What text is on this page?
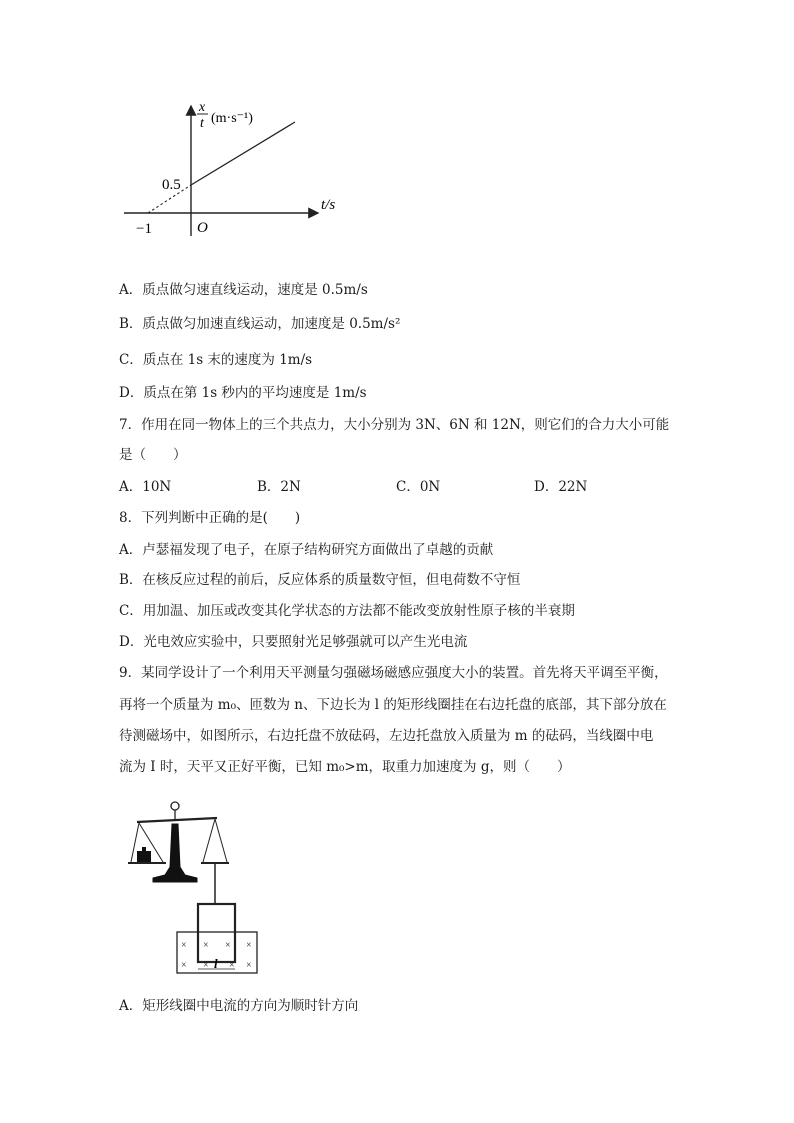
x
t (m·s⁻¹)
0.5
t/s
−1	O
A．质点做匀速直线运动，速度是 0.5m/s
B．质点做匀加速直线运动，加速度是 0.5m/s²
C．质点在 1s 末的速度为 1m/s
D．质点在第 1s 秒内的平均速度是 1m/s
7．作用在同一物体上的三个共点力，大小分别为 3N、6N 和 12N，则它们的合力大小可能
是（　　）
A．10N	B．2N	C．0N	D．22N
8．下列判断中正确的是(　　)
A．卢瑟福发现了电子，在原子结构研究方面做出了卓越的贡献
B．在核反应过程的前后，反应体系的质量数守恒，但电荷数不守恒
C．用加温、加压或改变其化学状态的方法都不能改变放射性原子核的半衰期
D．光电效应实验中，只要照射光足够强就可以产生光电流
9．某同学设计了一个利用天平测量匀强磁场磁感应强度大小的装置。首先将天平调至平衡，
再将一个质量为 m₀、匝数为 n、下边长为 l 的矩形线圈挂在右边托盘的底部，其下部分放在
待测磁场中，如图所示，右边托盘不放砝码，左边托盘放入质量为 m 的砝码，当线圈中电
流为 I 时，天平又正好平衡，已知 m₀>m，取重力加速度为 g，则（　　）
× × × ×
× × × ×
l
A．矩形线圈中电流的方向为顺时针方向
